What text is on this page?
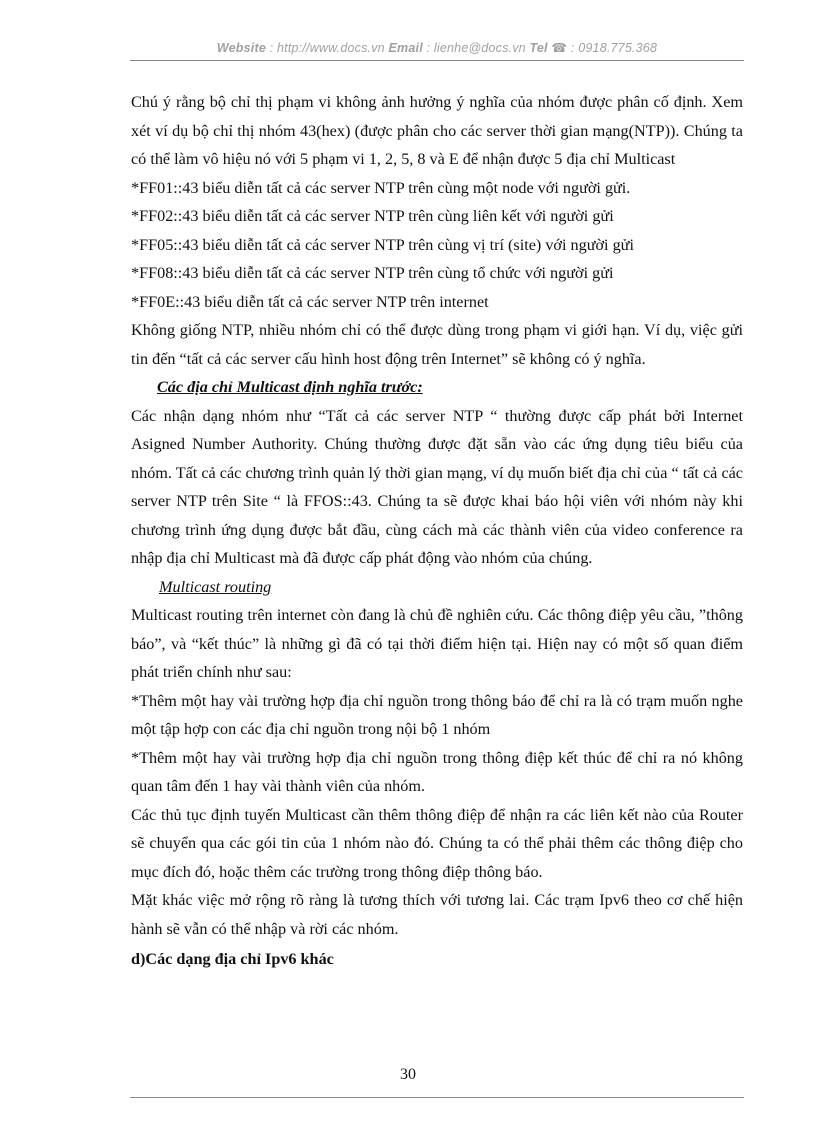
Website : http://www.docs.vn Email : lienhe@docs.vn Tel ☎ : 0918.775.368

Chú ý rằng bộ chỉ thị phạm vi không ảnh hưởng ý nghĩa của nhóm được phân cố định. Xem xét ví dụ bộ chỉ thị nhóm 43(hex) (được phân cho các server thời gian mạng(NTP)). Chúng ta có thể làm vô hiệu nó với 5 phạm vi 1, 2, 5, 8 và E để nhận được 5 địa chỉ Multicast

*FF01::43 biểu diễn tất cả các server NTP trên cùng một node với người gửi.

*FF02::43 biểu diễn tất cả các server NTP trên cùng liên kết với người gửi

*FF05::43 biểu diễn tất cả các server NTP trên cùng vị trí (site) với người gửi

*FF08::43 biểu diễn tất cả các server NTP trên cùng tổ chức với người gửi

*FF0E::43 biểu diễn tất cả các server NTP trên internet

Không giống NTP, nhiều nhóm chỉ có thể được dùng trong phạm vi giới hạn. Ví dụ, việc gửi tin đến “tất cả các server cấu hình host động trên Internet” sẽ không có ý nghĩa.

Các địa chỉ Multicast định nghĩa trước:

Các nhận dạng nhóm như “Tất cả các server NTP “ thường được cấp phát bởi Internet Asigned Number Authority. Chúng thường được đặt sẵn vào các ứng dụng tiêu biểu của nhóm. Tất cả các chương trình quản lý thời gian mạng, ví dụ muốn biết địa chỉ của “ tất cả các server NTP trên Site “ là FFOS::43. Chúng ta sẽ được khai báo hội viên với nhóm này khi chương trình ứng dụng được bắt đầu, cùng cách mà các thành viên của video conference ra nhập địa chỉ Multicast mà đã được cấp phát động vào nhóm của chúng.

Multicast routing

Multicast routing trên internet còn đang là chủ đề nghiên cứu. Các thông điệp yêu cầu, ”thông báo”, và “kết thúc” là những gì đã có tại thời điểm hiện tại. Hiện nay có một số quan điểm phát triển chính như sau:

*Thêm một hay vài trường hợp địa chỉ nguồn trong thông báo để chỉ ra là có trạm muốn nghe một tập hợp con các địa chỉ nguồn trong nội bộ 1 nhóm

*Thêm một hay vài trường hợp địa chỉ nguồn trong thông điệp kết thúc để chỉ ra nó không quan tâm đến 1 hay vài thành viên của nhóm.

Các thủ tục định tuyến Multicast cần thêm thông điệp để nhận ra các liên kết nào của Router sẽ chuyển qua các gói tin của 1 nhóm nào đó. Chúng ta có thể phải thêm các thông điệp cho mục đích đó, hoặc thêm các trường trong thông điệp thông báo.

Mặt khác việc mở rộng rõ ràng là tương thích với tương lai. Các trạm Ipv6 theo cơ chế hiện hành sẽ vẫn có thể nhập và rời các nhóm.

d)Các dạng địa chỉ Ipv6 khác

30
